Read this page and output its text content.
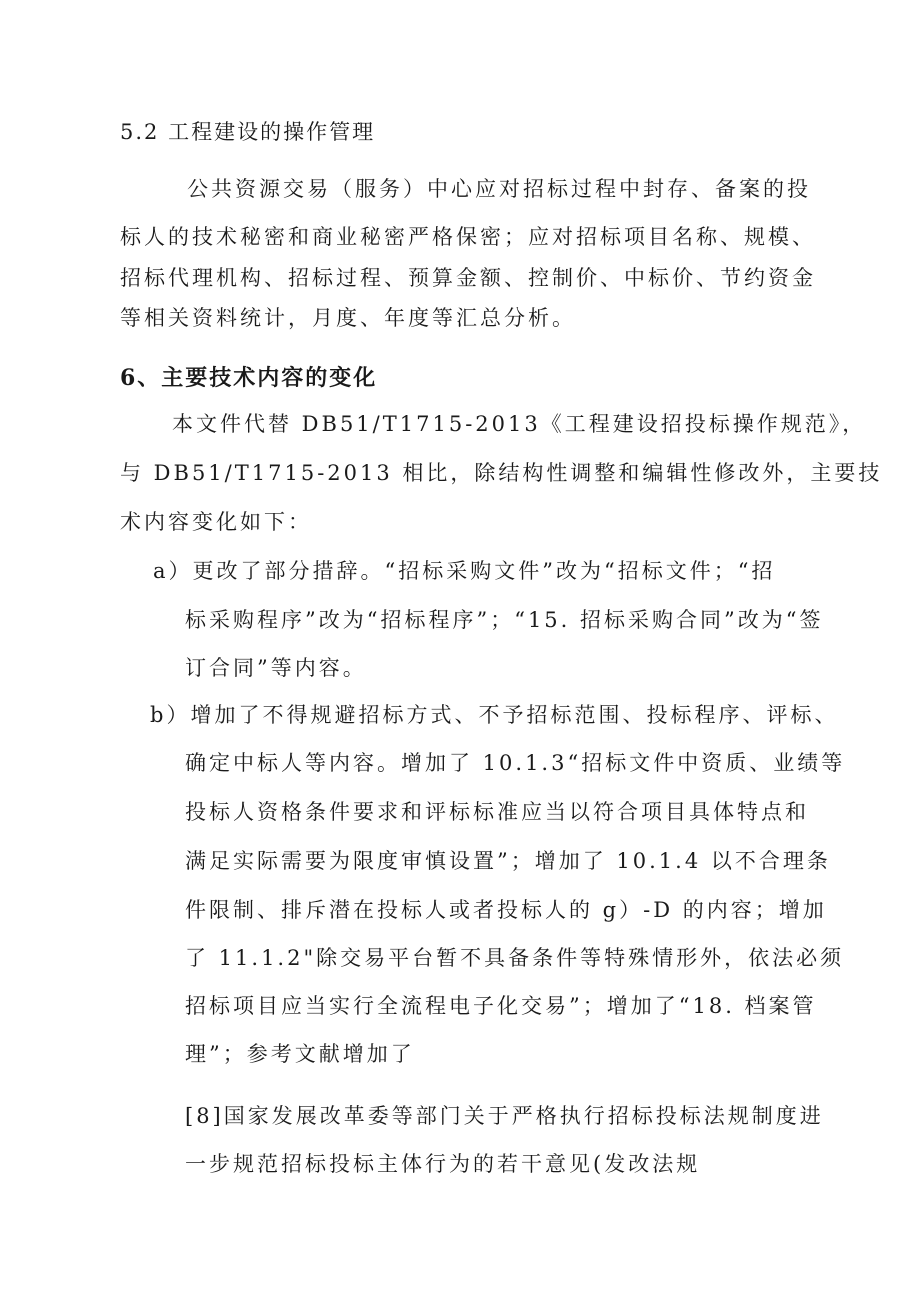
5.2 工程建设的操作管理
公共资源交易（服务）中心应对招标过程中封存、备案的投
标人的技术秘密和商业秘密严格保密；应对招标项目名称、规模、
招标代理机构、招标过程、预算金额、控制价、中标价、节约资金
等相关资料统计，月度、年度等汇总分析。
6、主要技术内容的变化
本文件代替 DB51/T1715-2013《工程建设招投标操作规范》，
与 DB51/T1715-2013 相比，除结构性调整和编辑性修改外，主要技
术内容变化如下：
a）更改了部分措辞。“招标采购文件”改为“招标文件；“招
标采购程序”改为“招标程序”；“15. 招标采购合同”改为“签
订合同”等内容。
b）增加了不得规避招标方式、不予招标范围、投标程序、评标、
确定中标人等内容。增加了 10.1.3“招标文件中资质、业绩等
投标人资格条件要求和评标标准应当以符合项目具体特点和
满足实际需要为限度审慎设置”；增加了 10.1.4 以不合理条
件限制、排斥潜在投标人或者投标人的 g）-D 的内容；增加
了 11.1.2"除交易平台暂不具备条件等特殊情形外，依法必须
招标项目应当实行全流程电子化交易”；增加了“18. 档案管
理”；参考文献增加了
[8]国家发展改革委等部门关于严格执行招标投标法规制度进
一步规范招标投标主体行为的若干意见(发改法规
